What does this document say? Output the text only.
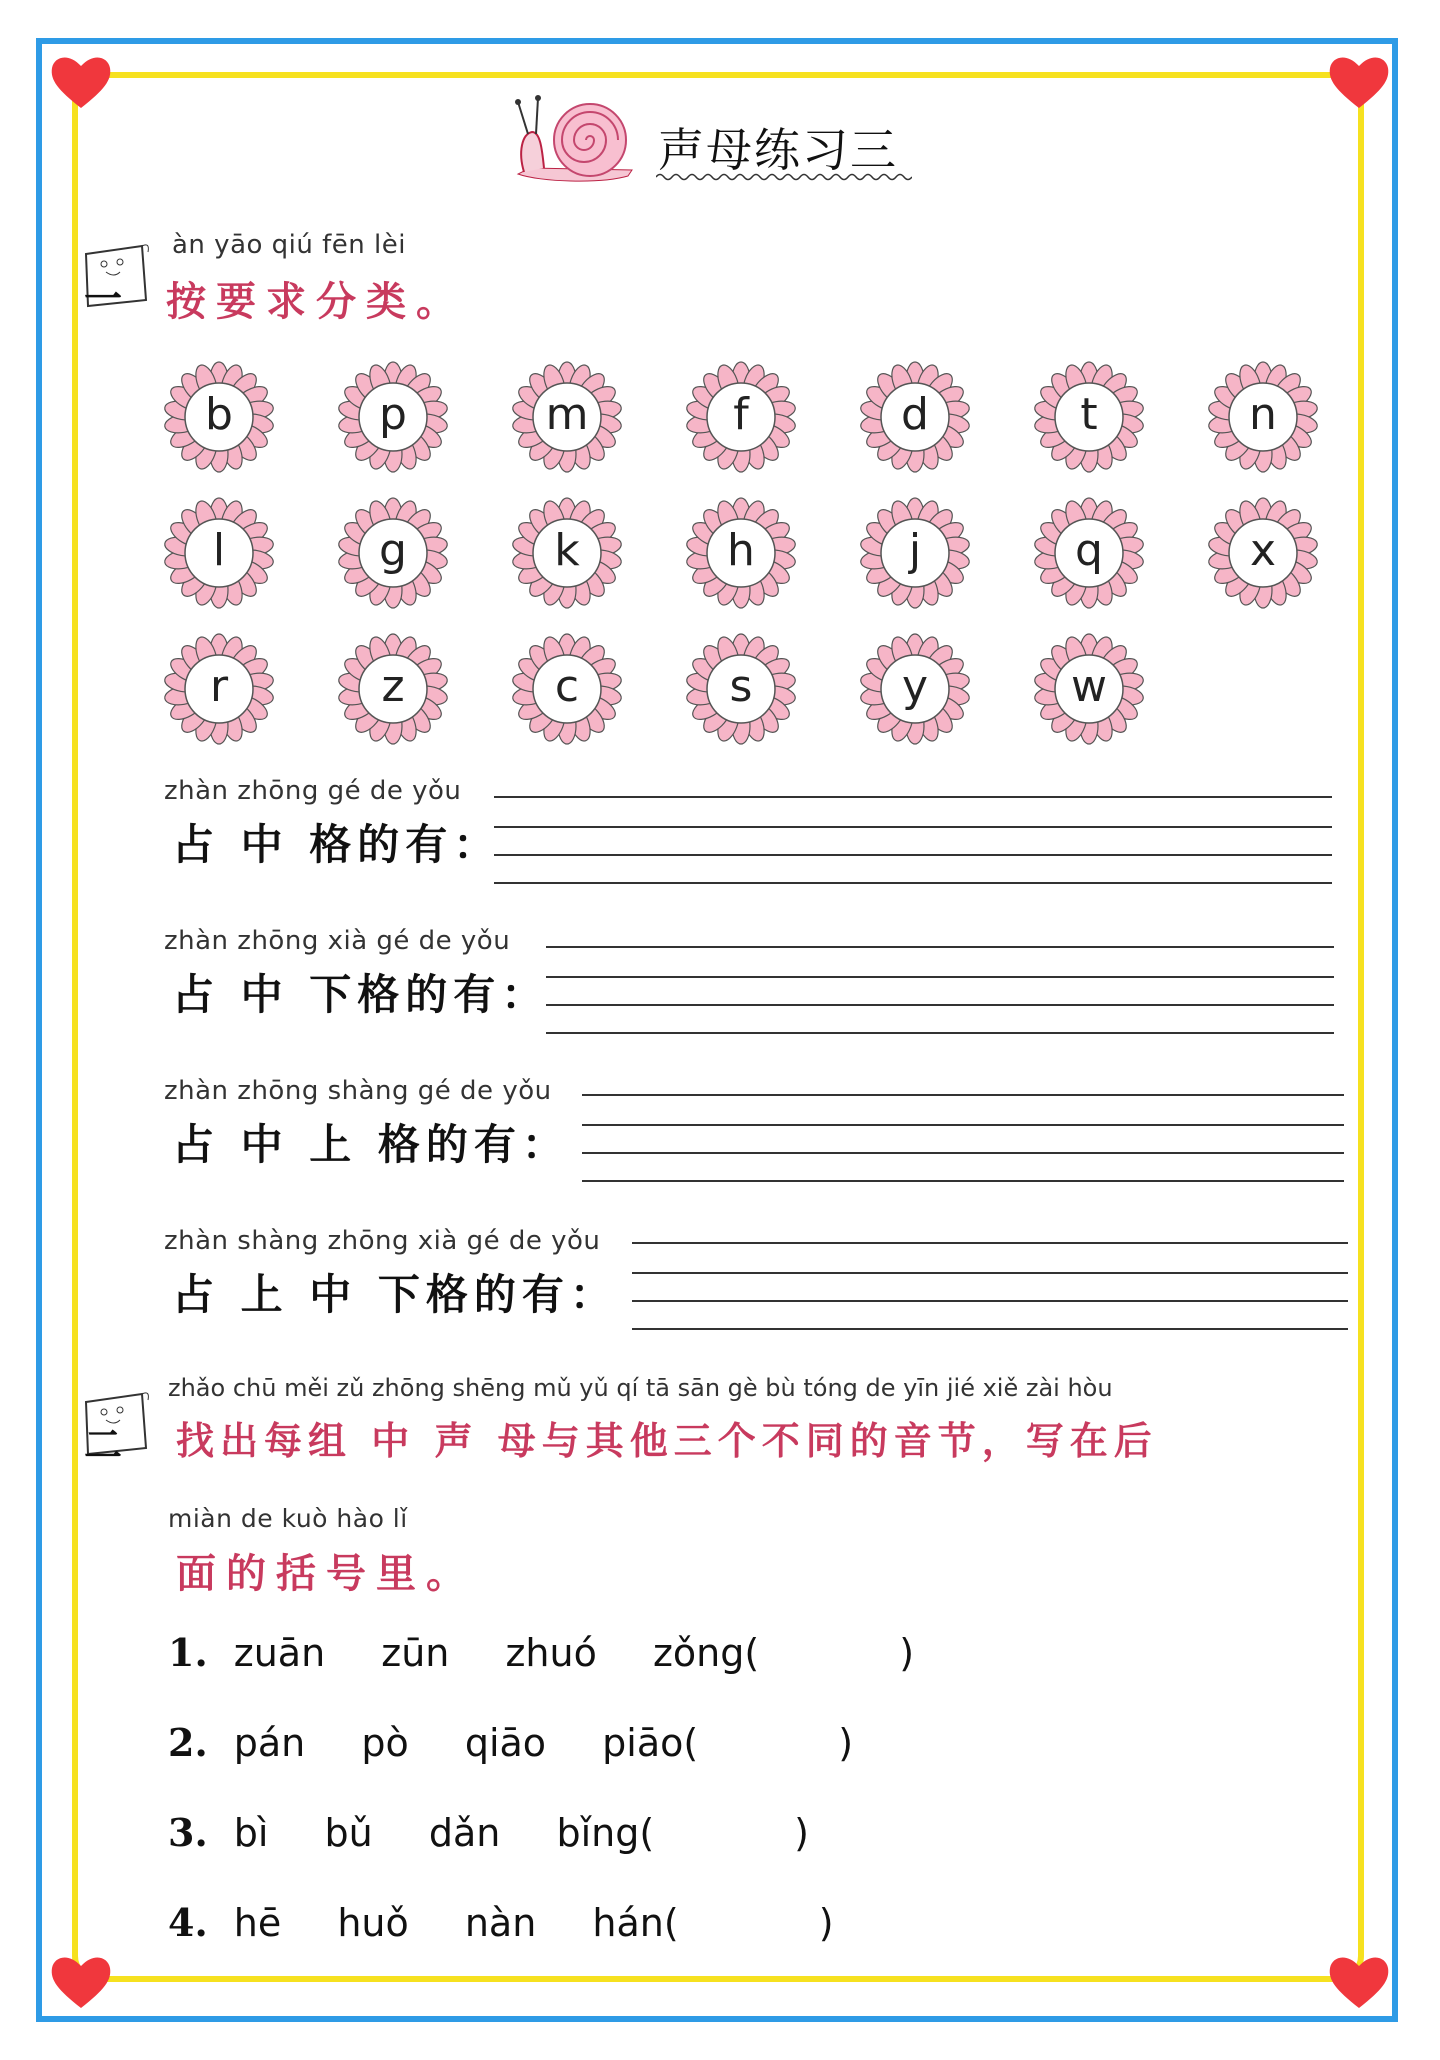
声母练习三
一
àn yāo qiú fēn lèi
按要求分类。
b	p	m	f	d	t	n
l	g	k	h	j	q	x
r	z	c	s	y	w
zhàn zhōng gé de yǒu
占 中 格的有：
zhàn zhōng xià gé de yǒu
占 中 下格的有：
zhàn zhōng shàng gé de yǒu
占 中 上 格的有：
zhàn shàng zhōng xià gé de yǒu
占 上 中 下格的有：
二
zhǎo chū měi zǔ zhōng shēng mǔ yǔ qí tā sān gè bù tóng de yīn jié xiě zài hòu
找出每组 中 声 母与其他三个不同的音节，写在后
miàn de kuò hào lǐ
面的括号里。
1. zuān zūn zhuó zǒng(	)
2. pán pò qiāo piāo(	)
3. bì bǔ dǎn bǐng(	)
4. hē huǒ nàn hán(	)
